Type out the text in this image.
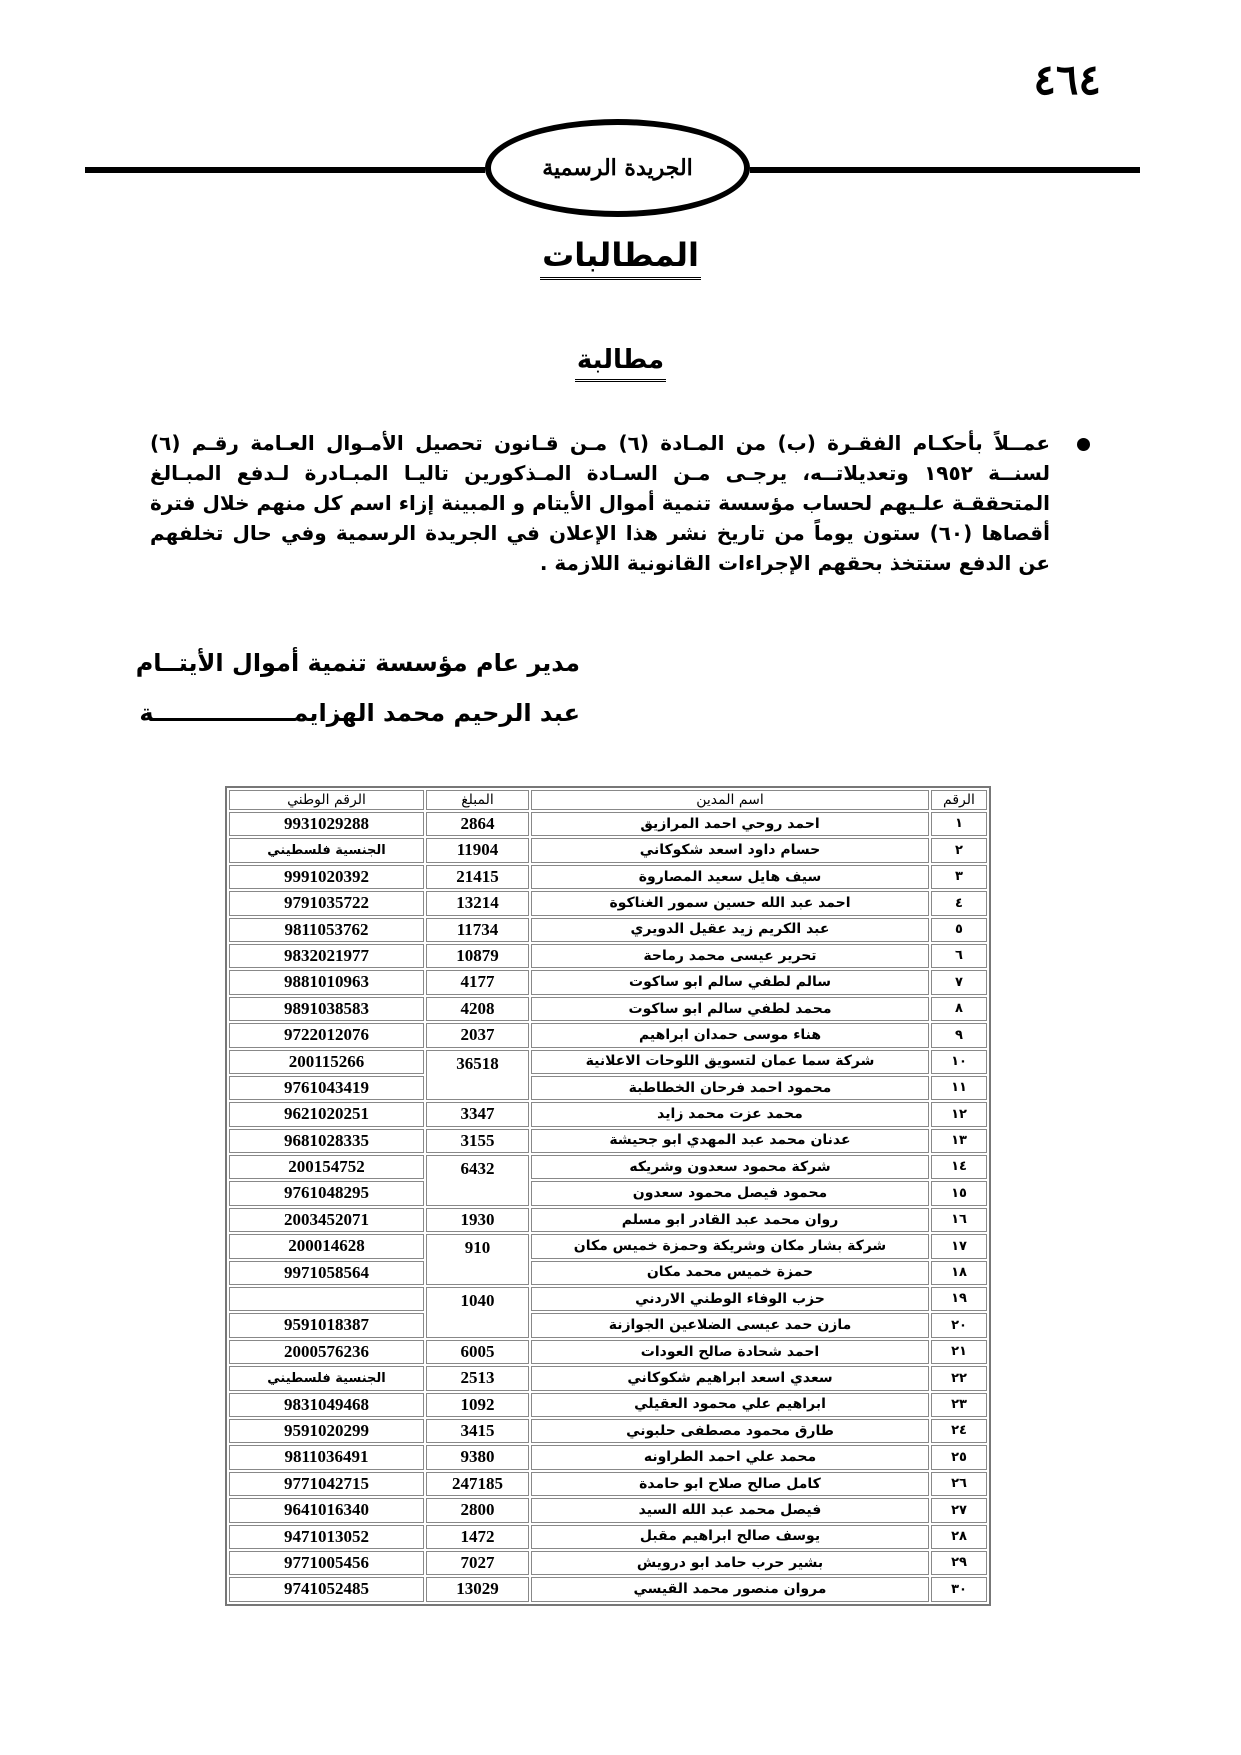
٤٦٤
الجريدة الرسمية
المطالبات
مطالبة
عمــلاً بأحكـام الفقـرة (ب) من المـادة (٦) مـن قـانون تحصيل الأمـوال العـامة رقـم (٦) لسنــة ١٩٥٢ وتعديلاتــه، يرجـى مـن السـادة المـذكورين تاليـا المبـادرة لـدفع المبـالغ المتحققـة علـيهم لحساب مؤسسة تنمية أموال الأيتام و المبينة إزاء اسم كل منهم خلال فترة أقصاها (٦٠) ستون يوماً من تاريخ نشر هذا الإعلان في الجريدة الرسمية وفي حال تخلفهم عن الدفع ستتخذ بحقهم الإجراءات القانونية اللازمة .
مدير عام مؤسسة تنمية أموال الأيتــام
عبد الرحيم محمد الهزايمـــــــــــــــــة
الرقم	اسم المدين	المبلغ	الرقم الوطني
١	احمد روحي احمد المرازيق	2864	9931029288
٢	حسام داود اسعد شكوكاني	11904	الجنسية فلسطيني
٣	سيف هايل سعيد المصاروة	21415	9991020392
٤	احمد عبد الله حسين سمور الغناكوة	13214	9791035722
٥	عبد الكريم زيد عقيل الدويري	11734	9811053762
٦	تحرير عيسى محمد رماحة	10879	9832021977
٧	سالم لطفي سالم ابو ساكوت	4177	9881010963
٨	محمد لطفي سالم ابو ساكوت	4208	9891038583
٩	هناء موسى حمدان ابراهيم	2037	9722012076
١٠	شركة سما عمان لتسويق اللوحات الاعلانية	36518	200115266
١١	محمود احمد فرحان الخطاطبة		9761043419
١٢	محمد عزت محمد زايد	3347	9621020251
١٣	عدنان محمد عبد المهدي ابو جحيشة	3155	9681028335
١٤	شركة محمود سعدون وشريكه	6432	200154752
١٥	محمود فيصل محمود سعدون		9761048295
١٦	روان محمد عبد القادر ابو مسلم	1930	2003452071
١٧	شركة بشار مكان وشريكة وحمزة خميس مكان	910	200014628
١٨	حمزة خميس محمد مكان		9971058564
١٩	حزب الوفاء الوطني الاردني	1040	
٢٠	مازن حمد عيسى الضلاعين الجوازنة		9591018387
٢١	احمد شحادة صالح العودات	6005	2000576236
٢٢	سعدي اسعد ابراهيم شكوكاني	2513	الجنسية فلسطيني
٢٣	ابراهيم علي محمود العقيلي	1092	9831049468
٢٤	طارق محمود مصطفى حلبوني	3415	9591020299
٢٥	محمد علي احمد الطراونه	9380	9811036491
٢٦	كامل صالح صلاح ابو حامدة	247185	9771042715
٢٧	فيصل محمد عبد الله السيد	2800	9641016340
٢٨	يوسف صالح ابراهيم مقبل	1472	9471013052
٢٩	بشير حرب حامد ابو درويش	7027	9771005456
٣٠	مروان منصور محمد القيسي	13029	9741052485
